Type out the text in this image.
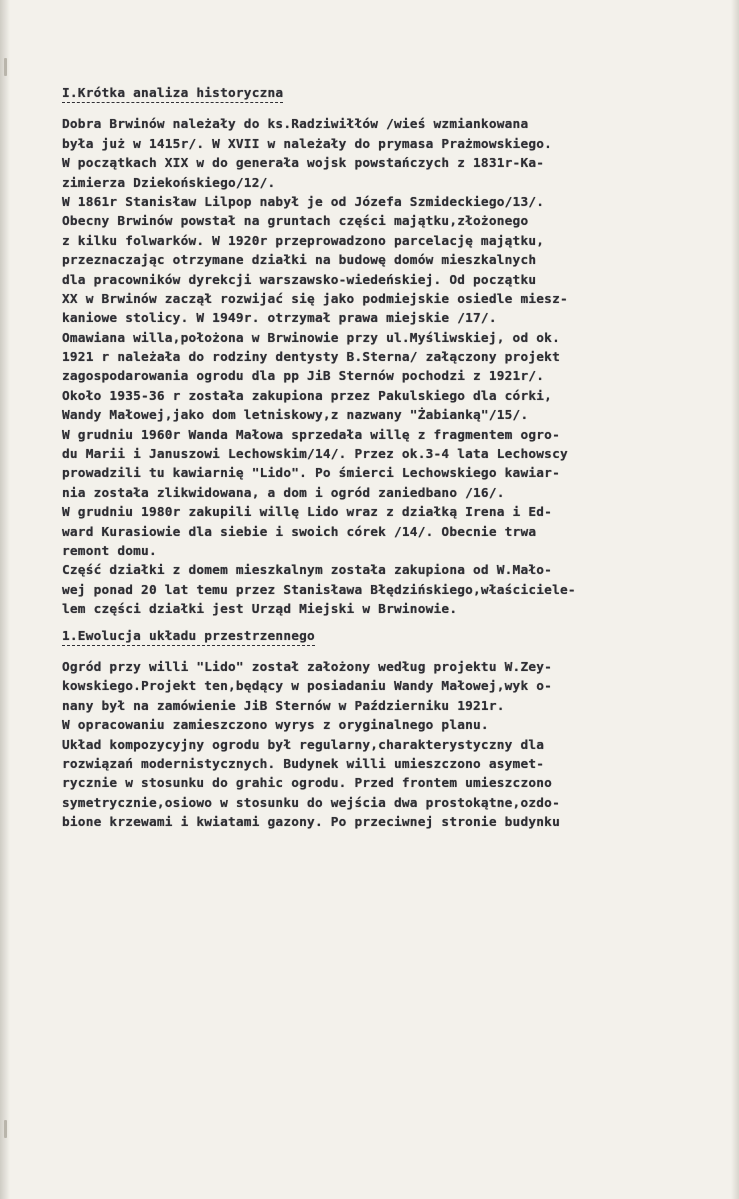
I.Krótka analiza historyczna
Dobra Brwinów należały do ks.Radziwiłłów /wieś wzmiankowana
była już w 1415r/. W XVII w należały do prymasa Prażmowskiego.
W początkach XIX w do generała wojsk powstańczych z 1831r-Ka-
zimierza Dziekońskiego/12/.
W 1861r Stanisław Lilpop nabył je od Józefa Szmideckiego/13/.
Obecny Brwinów powstał na gruntach części majątku,złożonego
z kilku folwarków. W 1920r przeprowadzono parcelację majątku,
przeznaczając otrzymane działki na budowę domów mieszkalnych
dla pracowników dyrekcji warszawsko-wiedeńskiej. Od początku
XX w Brwinów zaczął rozwijać się jako podmiejskie osiedle miesz-
kaniowe stolicy. W 1949r. otrzymał prawa miejskie /17/.
Omawiana willa,położona w Brwinowie przy ul.Myśliwskiej, od ok.
1921 r należała do rodziny dentysty B.Sterna/ załączony projekt
zagospodarowania ogrodu dla pp JiB Sternów pochodzi z 1921r/.
Około 1935-36 r została zakupiona przez Pakulskiego dla córki,
Wandy Małowej,jako dom letniskowy,z nazwany "Żabianką"/15/.
W grudniu 1960r Wanda Małowa sprzedała willę z fragmentem ogro-
du Marii i Januszowi Lechowskim/14/. Przez ok.3-4 lata Lechowscy
prowadzili tu kawiarnię "Lido". Po śmierci Lechowskiego kawiar-
nia została zlikwidowana, a dom i ogród zaniedbano /16/.
W grudniu 1980r zakupili willę Lido wraz z działką Irena i Ed-
ward Kurasiowie dla siebie i swoich córek /14/. Obecnie trwa
remont domu.
Część działki z domem mieszkalnym została zakupiona od W.Mało-
wej ponad 20 lat temu przez Stanisława Błędzińskiego,właściciele-
lem części działki jest Urząd Miejski w Brwinowie.
1.Ewolucja układu przestrzennego
Ogród przy willi "Lido" został założony według projektu W.Zey-
kowskiego.Projekt ten,będący w posiadaniu Wandy Małowej,wyk o-
nany był na zamówienie JiB Sternów w Październiku 1921r.
W opracowaniu zamieszczono wyrys z oryginalnego planu.
Układ kompozycyjny ogrodu był regularny,charakterystyczny dla
rozwiązań modernistycznych. Budynek willi umieszczono asymet-
rycznie w stosunku do grahic ogrodu. Przed frontem umieszczono
symetrycznie,osiowo w stosunku do wejścia dwa prostokątne,ozdo-
bione krzewami i kwiatami gazony. Po przeciwnej stronie budynku
